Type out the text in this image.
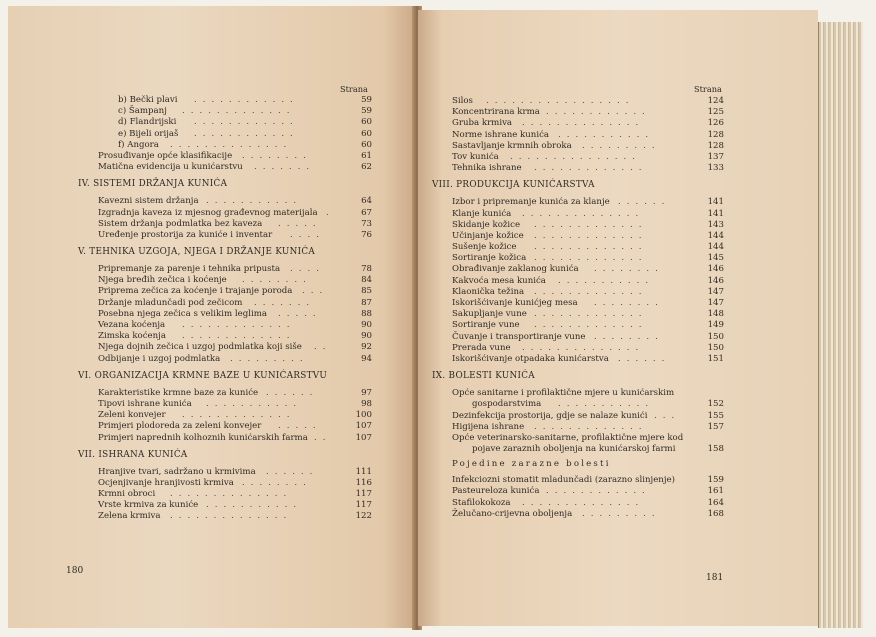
Strana
180
b) Bečki plavi ............	59
c) Šampanj .............	59
d) Flandrijski ............	60
e) Bijeli orijaš ............	60
f) Angora ..............	60
Prosuđivanje opće klasifikacije ........	61
Matična evidencija u kunićarstvu .......	62
IV. SISTEMI DRŽANJA KUNIĆA
Kavezni sistem držanja ...........	64
Izgradnja kaveza iz mjesnog građevnog materijala .	67
Sistem držanja podmlatka bez kaveza .....	73
Uređenje prostorija za kuniće i inventar ....	76
V. TEHNIKA UZGOJA, NJEGA I DRŽANJE KUNIĆA
Pripremanje za parenje i tehnika pripusta ....	78
Njega bređih zečica i koćenje ........	84
Priprema zečica za koćenje i trajanje poroda ...	85
Držanje mladunčadi pod zečicom .......	87
Posebna njega zečica s velikim leglima .....	88
Vezana koćenja .............	90
Zimska koćenja .............	90
Njega dojnih zečica i uzgoj podmlatka koji siše ..	92
Odbijanje i uzgoj podmlatka .........	94
VI. ORGANIZACIJA KRMNE BAZE U KUNIĆARSTVU
Karakteristike krmne baze za kuniće ......	97
Tipovi ishrane kunića ...........	98
Zeleni konvejer .............	100
Primjeri plodoreda za zeleni konvejer .....	107
Primjeri naprednih kolhoznih kunićarskih farma ..	107
VII. ISHRANA KUNIĆA
Hranjive tvari, sadržano u krmivima ......	111
Ocjenjivanje hranjivosti krmiva ........	116
Krmni obroci ..............	117
Vrste krmiva za kuniće ...........	117
Zelena krmiva ..............	122
Strana
181
Silos .................	124
Koncentrirana krma ............	125
Gruba krmiva ..............	126
Norme ishrane kunića ...........	128
Sastavljanje krmnih obroka .........	128
Tov kunića ...............	137
Tehnika ishrane .............	133
VIII. PRODUKCIJA KUNIĆARSTVA
Izbor i pripremanje kunića za klanje ......	141
Klanje kunića ..............	141
Skidanje kožice .............	143
Učinjanje kožice .............	144
Sušenje kožice .............	144
Sortiranje kožica .............	145
Obrađivanje zaklanog kunića ........	146
Kakvoća mesa kunića ...........	146
Klaonička težina .............	147
Iskorišćivanje kunićjeg mesa ........	147
Sakupljanje vune .............	148
Sortiranje vune .............	149
Čuvanje i transportiranje vune ........	150
Prerada vune ..............	150
Iskorišćivanje otpadaka kunićarstva ......	151
IX. BOLESTI KUNIĆA
Opće sanitarne i profilaktične mjere u kunićarskim
gospodarstvima ...........	152
Dezinfekcija prostorija, gdje se nalaze kunići ...	155
Higijena ishrane .............	157
Opće veterinarsko-sanitarne, profilaktične mjere kod
pojave zaraznih oboljenja na kunićarskoj farmi	158
Pojedine zarazne bolesti
Infekciozni stomatit mladunčadi (zarazno slinjenje)	159
Pasteureloza kunića ............	161
Stafilokokoza ..............	164
Želučano-crijevna oboljenja .........	168
